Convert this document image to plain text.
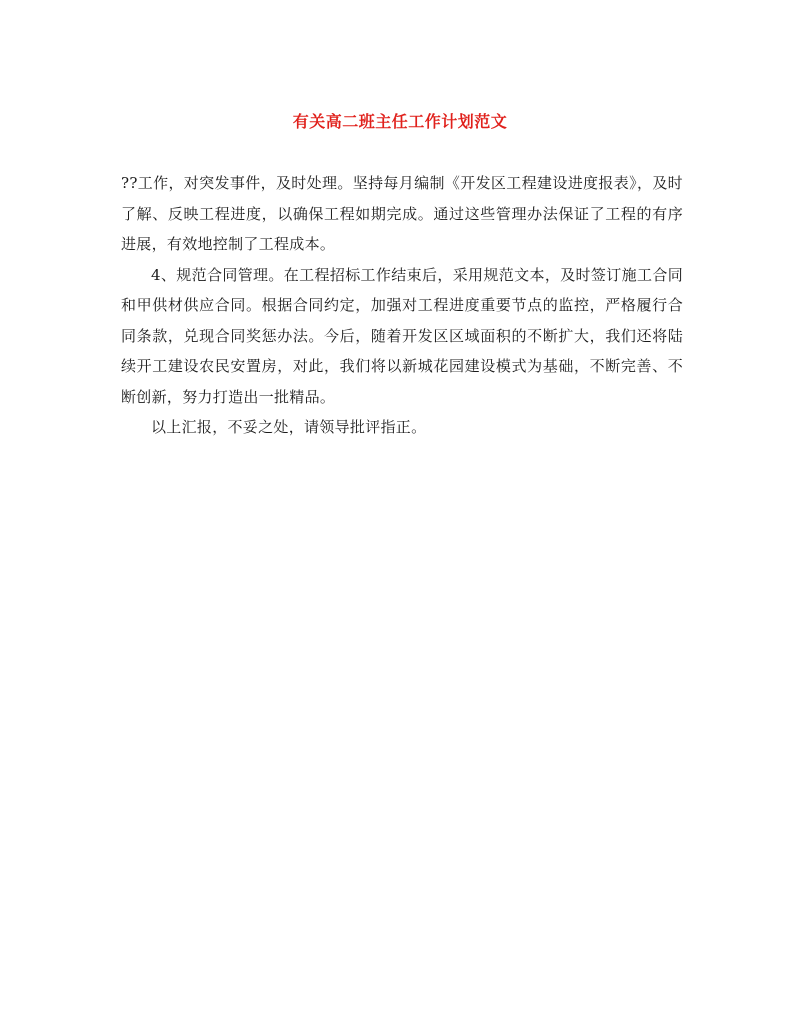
有关高二班主任工作计划范文

??工作，对突发事件，及时处理。坚持每月编制《开发区工程建设进度报表》，及时了解、反映工程进度，以确保工程如期完成。通过这些管理办法保证了工程的有序进展，有效地控制了工程成本。

4、规范合同管理。在工程招标工作结束后，采用规范文本，及时签订施工合同和甲供材供应合同。根据合同约定，加强对工程进度重要节点的监控，严格履行合同条款，兑现合同奖惩办法。今后，随着开发区区域面积的不断扩大，我们还将陆续开工建设农民安置房，对此，我们将以新城花园建设模式为基础，不断完善、不断创新，努力打造出一批精品。

以上汇报，不妥之处，请领导批评指正。
